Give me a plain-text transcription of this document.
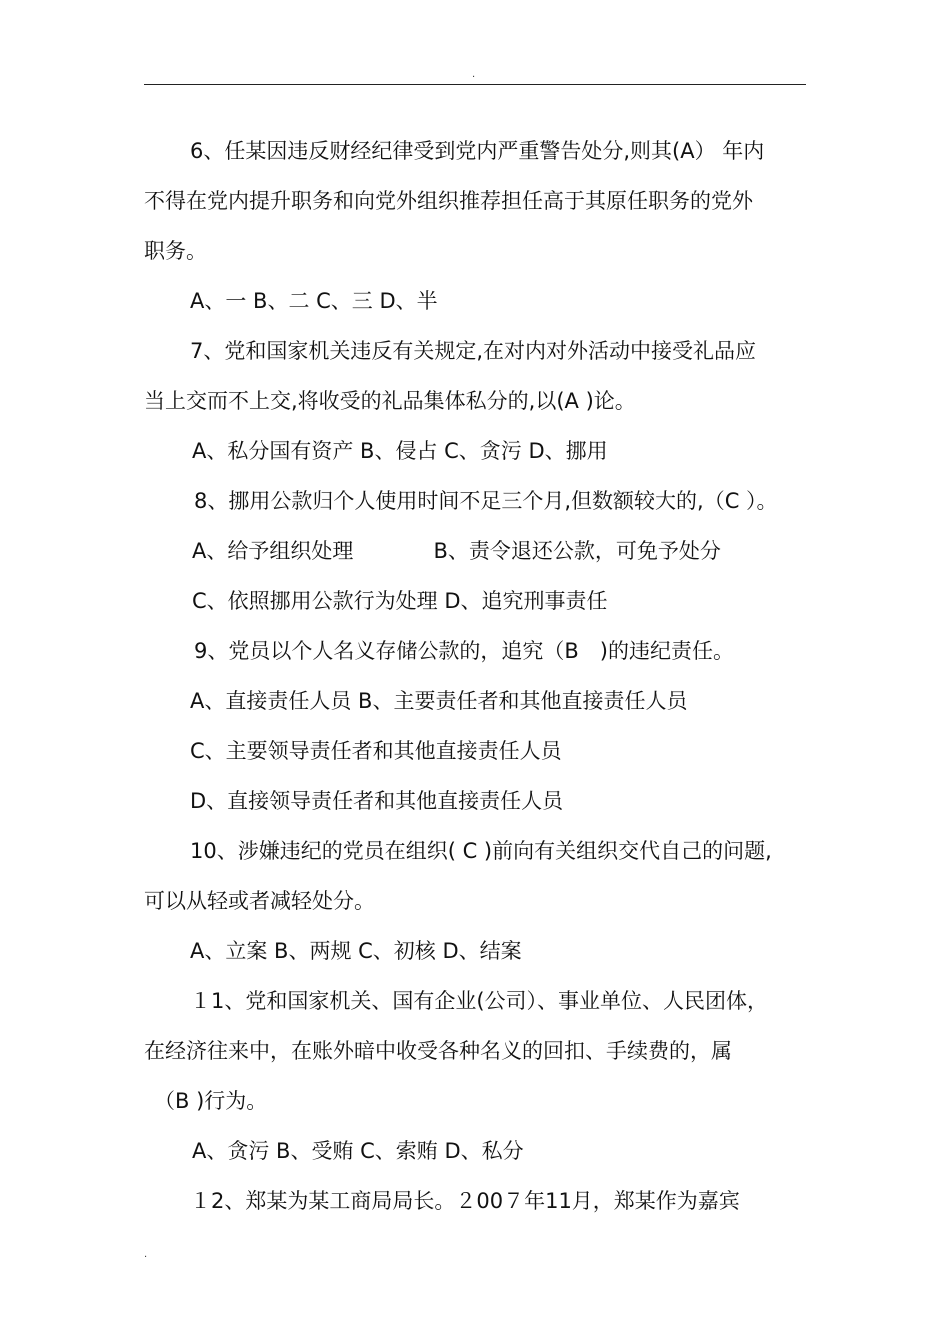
.
6、任某因违反财经纪律受到党内严重警告处分,则其(A） 年内
不得在党内提升职务和向党外组织推荐担任高于其原任职务的党外
职务。
A、一 B、二 C、三 D、半
7、党和国家机关违反有关规定,在对内对外活动中接受礼品应
当上交而不上交,将收受的礼品集体私分的,以(A )论。
A、私分国有资产 B、侵占 C、贪污 D、挪用
8、挪用公款归个人使用时间不足三个月,但数额较大的,（C ）。
A、给予组织处理            B、责令退还公款，可免予处分
C、依照挪用公款行为处理 D、追究刑事责任
9、党员以个人名义存储公款的，追究（B　)的违纪责任。
A、直接责任人员 B、主要责任者和其他直接责任人员
C、主要领导责任者和其他直接责任人员
D、直接领导责任者和其他直接责任人员
10、涉嫌违纪的党员在组织( C )前向有关组织交代自己的问题,
可以从轻或者减轻处分。
A、立案 B、两规 C、初核 D、结案
１1、党和国家机关、国有企业(公司）、事业单位、人民团体，
在经济往来中，在账外暗中收受各种名义的回扣、手续费的，属
（B )行为。
A、贪污 B、受贿 C、索贿 D、私分
１2、郑某为某工商局局长。２00７年11月，郑某作为嘉宾
.
